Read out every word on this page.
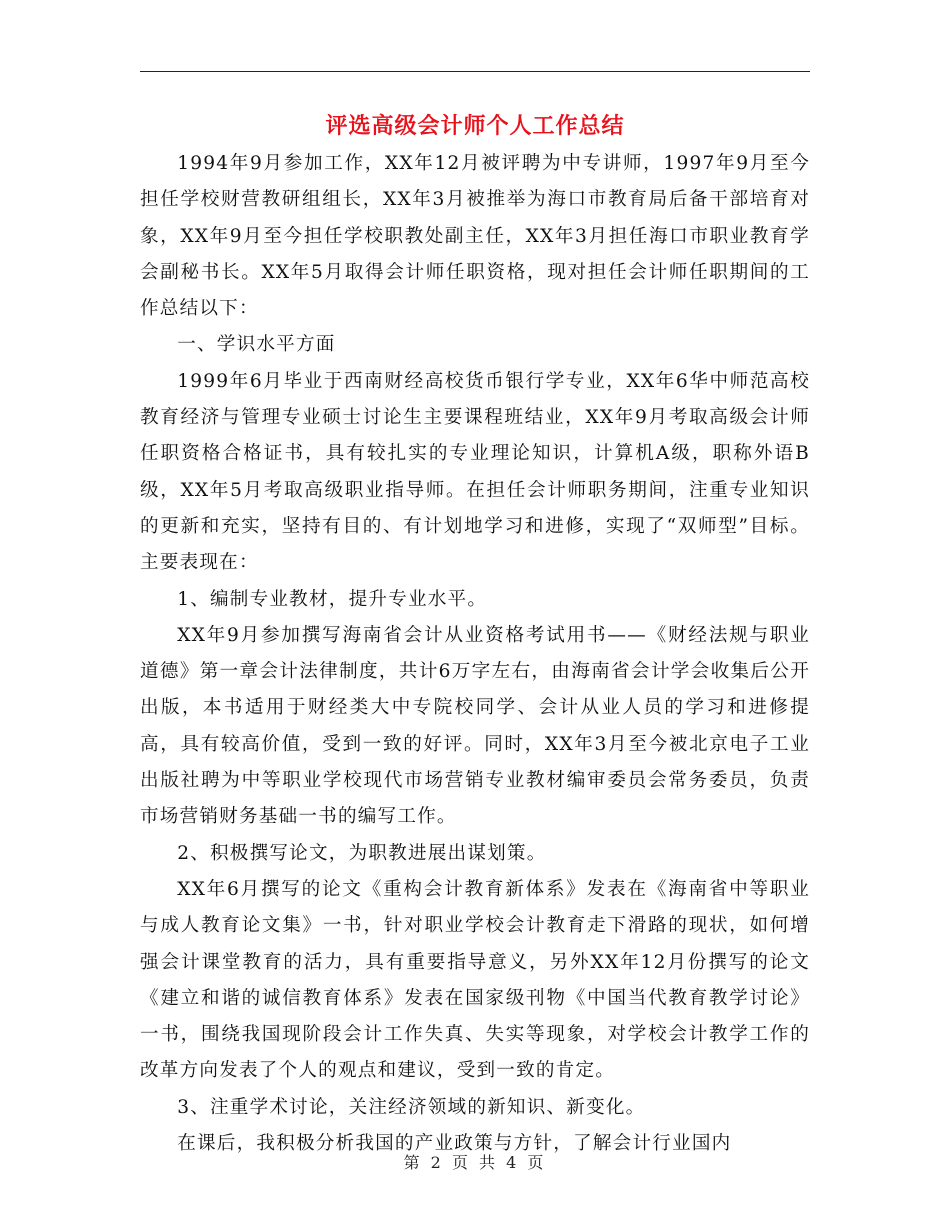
评选高级会计师个人工作总结

1994年9月参加工作，XX年12月被评聘为中专讲师，1997年9月至今担任学校财营教研组组长，XX年3月被推举为海口市教育局后备干部培育对象，XX年9月至今担任学校职教处副主任，XX年3月担任海口市职业教育学会副秘书长。XX年5月取得会计师任职资格，现对担任会计师任职期间的工作总结以下：

一、学识水平方面

1999年6月毕业于西南财经高校货币银行学专业，XX年6华中师范高校教育经济与管理专业硕士讨论生主要课程班结业，XX年9月考取高级会计师任职资格合格证书，具有较扎实的专业理论知识，计算机A级，职称外语B级，XX年5月考取高级职业指导师。在担任会计师职务期间，注重专业知识的更新和充实，坚持有目的、有计划地学习和进修，实现了“双师型”目标。主要表现在：

1、编制专业教材，提升专业水平。

XX年9月参加撰写海南省会计从业资格考试用书——《财经法规与职业道德》第一章会计法律制度，共计6万字左右，由海南省会计学会收集后公开出版，本书适用于财经类大中专院校同学、会计从业人员的学习和进修提高，具有较高价值，受到一致的好评。同时，XX年3月至今被北京电子工业出版社聘为中等职业学校现代市场营销专业教材编审委员会常务委员，负责市场营销财务基础一书的编写工作。

2、积极撰写论文，为职教进展出谋划策。

XX年6月撰写的论文《重构会计教育新体系》发表在《海南省中等职业与成人教育论文集》一书，针对职业学校会计教育走下滑路的现状，如何增强会计课堂教育的活力，具有重要指导意义，另外XX年12月份撰写的论文《建立和谐的诚信教育体系》发表在国家级刊物《中国当代教育教学讨论》一书，围绕我国现阶段会计工作失真、失实等现象，对学校会计教学工作的改革方向发表了个人的观点和建议，受到一致的肯定。

3、注重学术讨论，关注经济领域的新知识、新变化。

在课后，我积极分析我国的产业政策与方针，了解会计行业国内

第 2 页 共 4 页
